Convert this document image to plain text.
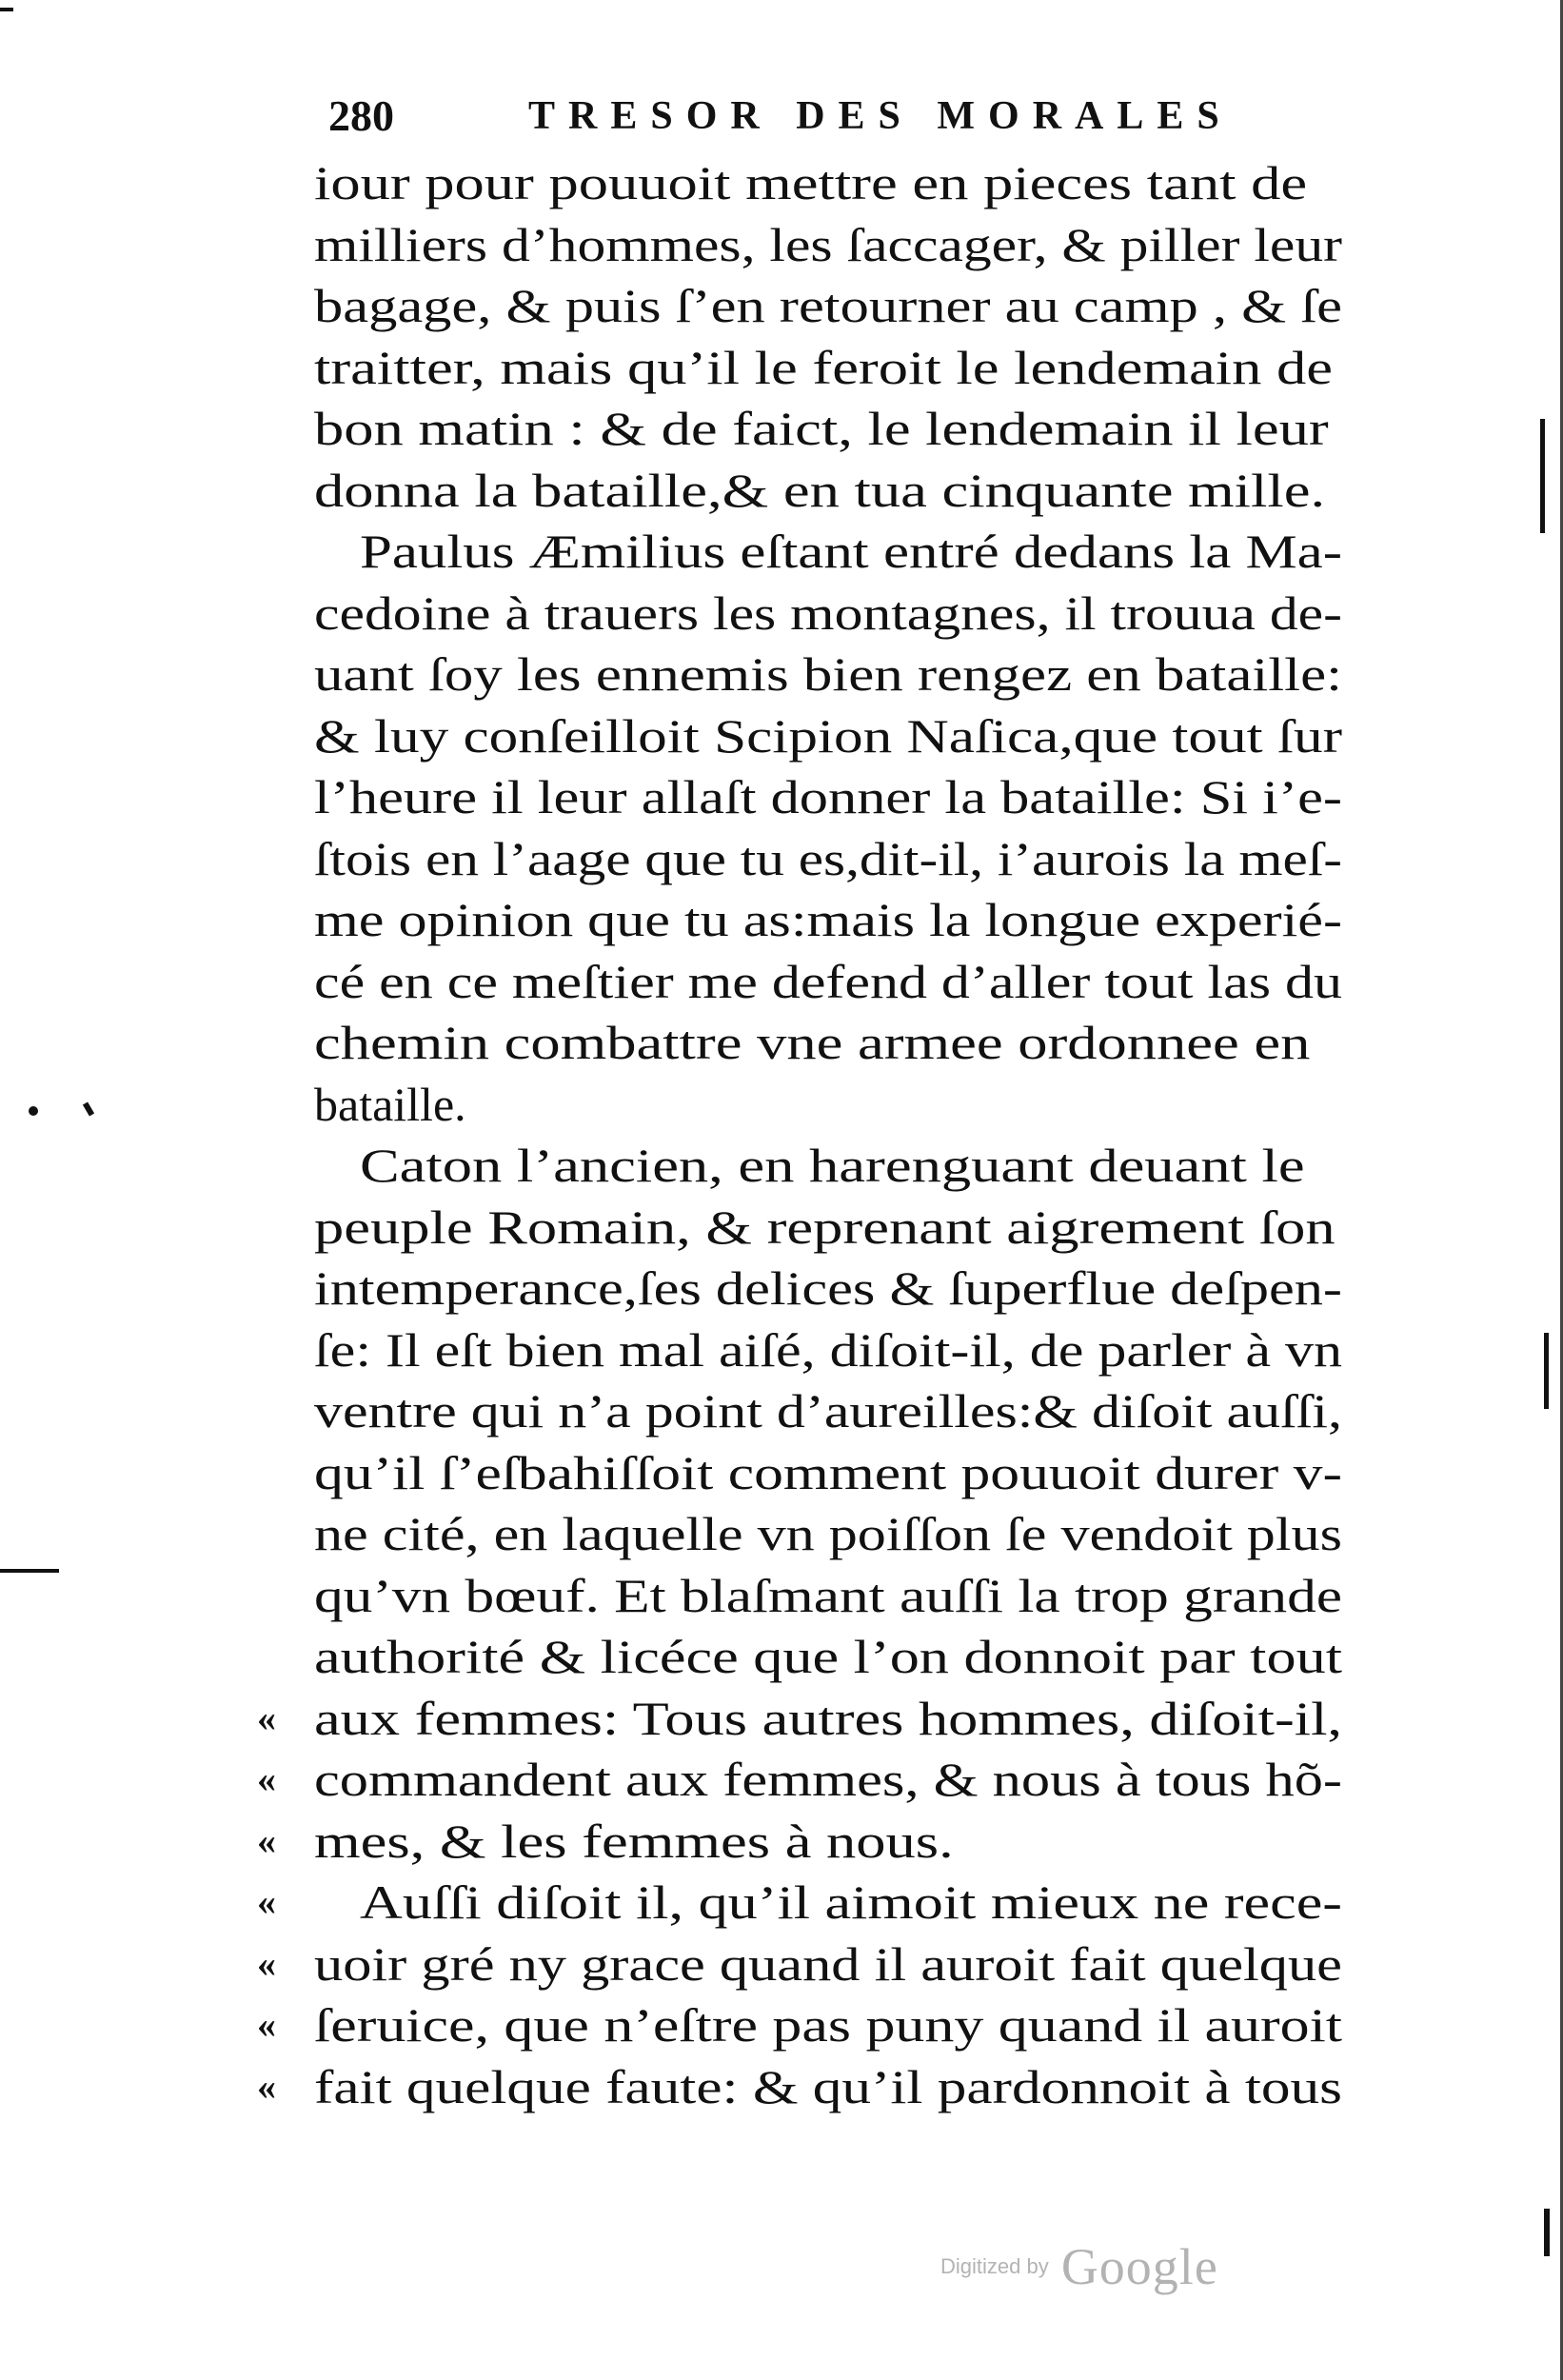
280	TRESOR DES MORALES
iour pour pouuoit mettre en pieces tant de
milliers d’hommes, les ſaccager, & piller leur
bagage, & puis ſ’en retourner au camp , & ſe
traitter, mais qu’il le feroit le lendemain de
bon matin : & de faict, le lendemain il leur
donna la bataille,& en tua cinquante mille.
Paulus Æmilius eſtant entré dedans la Ma-
cedoine à trauers les montagnes, il trouua de-
uant ſoy les ennemis bien rengez en bataille:
& luy conſeilloit Scipion Naſica,que tout ſur
l’heure il leur allaſt donner la bataille: Si i’e-
ſtois en l’aage que tu es,dit-il, i’aurois la meſ-
me opinion que tu as:mais la longue experié-
cé en ce meſtier me defend d’aller tout las du
chemin combattre vne armee ordonnee en
bataille.
Caton l’ancien, en harenguant deuant le
peuple Romain, & reprenant aigrement ſon
intemperance,ſes delices & ſuperflue deſpen-
ſe: Il eſt bien mal aiſé, diſoit-il, de parler à vn
ventre qui n’a point d’aureilles:& diſoit auſſi,
qu’il ſ’eſbahiſſoit comment pouuoit durer v-
ne cité, en laquelle vn poiſſon ſe vendoit plus
qu’vn bœuf. Et blaſmant auſſi la trop grande
authorité & licéce que l’on donnoit par tout
« aux femmes: Tous autres hommes, diſoit-il,
« commandent aux femmes, & nous à tous hõ-
« mes, & les femmes à nous.
« Auſſi diſoit il, qu’il aimoit mieux ne rece-
« uoir gré ny grace quand il auroit fait quelque
« ſeruice, que n’eſtre pas puny quand il auroit
« fait quelque faute: & qu’il pardonnoit à tous
Digitized by Google
